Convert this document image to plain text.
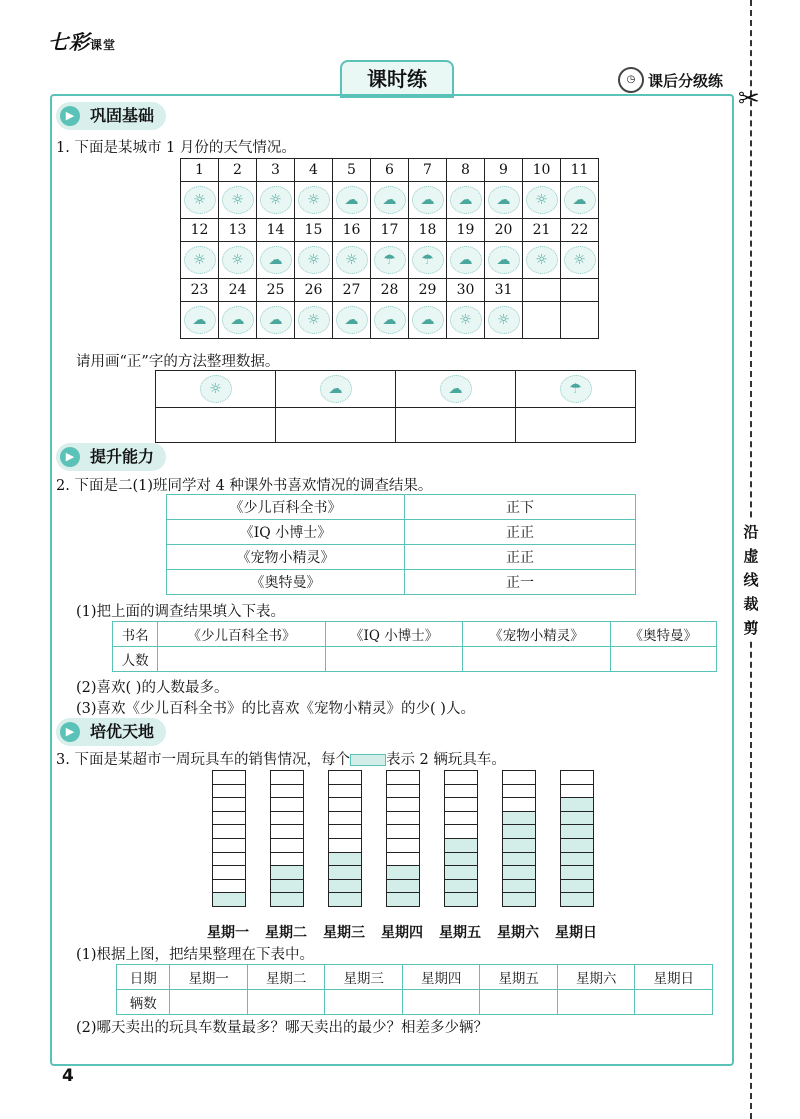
七彩课堂
课时练	◷ 课后分级练
✂
沿
虚
线
裁
剪
▶ 巩固基础
1. 下面是某城市 1 月份的天气情况。
1	2	3	4	5	6	7	8	9	10	11
☼	☼	☼	☼	☁	☁	☁	☁	☁	☼	☁
12	13	14	15	16	17	18	19	20	21	22
☼	☼	☁	☼	☼	☂	☂	☁	☁	☼	☼
23	24	25	26	27	28	29	30	31		
☁	☁	☁	☼	☁	☁	☁	☼	☼		
请用画“正”字的方法整理数据。
☼	☁	☁	☂

▶ 提升能力
2. 下面是二(1)班同学对 4 种课外书喜欢情况的调查结果。
《少儿百科全书》	正下
《IQ 小博士》	正正
《宠物小精灵》	正正
《奥特曼》	正一
(1)把上面的调查结果填入下表。
书名	《少儿百科全书》	《IQ 小博士》	《宠物小精灵》	《奥特曼》
人数				
(2)喜欢( )的人数最多。
(3)喜欢《少儿百科全书》的比喜欢《宠物小精灵》的少( )人。
▶ 培优天地
3. 下面是某超市一周玩具车的销售情况，每个 表示 2 辆玩具车。
星期一	星期二	星期三	星期四	星期五	星期六	星期日
(1)根据上图，把结果整理在下表中。
日期	星期一	星期二	星期三	星期四	星期五	星期六	星期日
辆数							
(2)哪天卖出的玩具车数量最多？哪天卖出的最少？相差多少辆？
4
